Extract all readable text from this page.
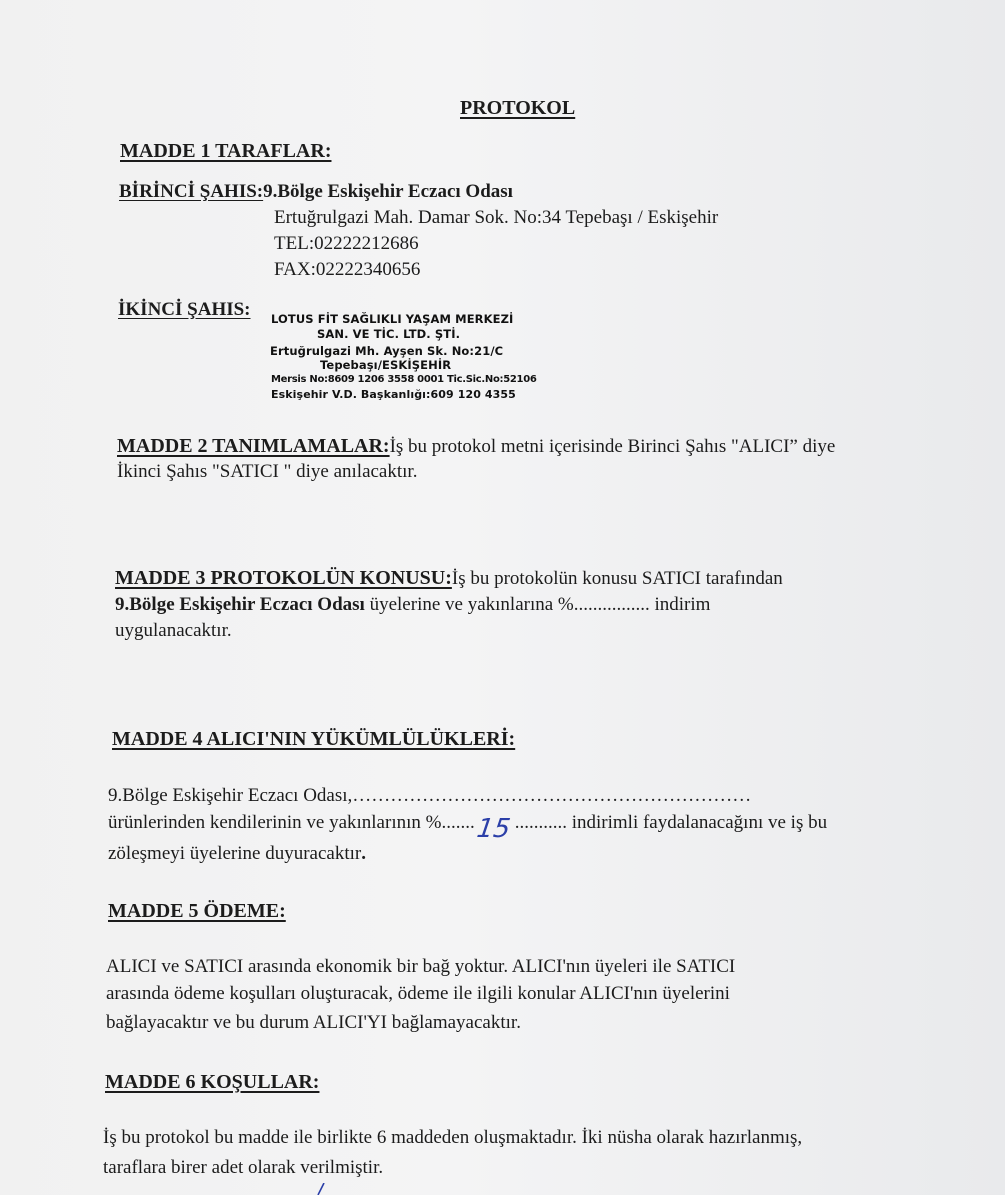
PROTOKOL
MADDE 1 TARAFLAR:
BİRİNCİ ŞAHIS:9.Bölge Eskişehir Eczacı Odası
Ertuğrulgazi Mah. Damar Sok. No:34 Tepebaşı / Eskişehir
TEL:02222212686
FAX:02222340656
İKİNCİ ŞAHIS: LOTUS FİT SAĞLIKLI YAŞAM MERKEZİ
SAN. VE TİC. LTD. ŞTİ.
Ertuğrulgazi Mh. Ayşen Sk. No:21/C
Tepebaşı/ESKİŞEHİR
Mersis No:8609 1206 3558 0001 Tic.Sic.No:52106
Eskişehir V.D. Başkanlığı:609 120 4355
MADDE 2 TANIMLAMALAR:İş bu protokol metni içerisinde Birinci Şahıs "ALICI” diye
İkinci Şahıs "SATICI " diye anılacaktır.
MADDE 3 PROTOKOLÜN KONUSU:İş bu protokolün konusu SATICI tarafından
9.Bölge Eskişehir Eczacı Odası üyelerine ve yakınlarına %................ indirim
uygulanacaktır.
MADDE 4 ALICI'NIN YÜKÜMLÜLÜKLERİ:
9.Bölge Eskişehir Eczacı Odası,………………………………………………………
ürünlerinden kendilerinin ve yakınlarının %....... 15 ........... indirimli faydalanacağını ve iş bu
zöleşmeyi üyelerine duyuracaktır.
MADDE 5 ÖDEME:
ALICI ve SATICI arasında ekonomik bir bağ yoktur. ALICI'nın üyeleri ile SATICI
arasında ödeme koşulları oluşturacak, ödeme ile ilgili konular ALICI'nın üyelerini
bağlayacaktır ve bu durum ALICI'YI bağlamayacaktır.
MADDE 6 KOŞULLAR:
İş bu protokol bu madde ile birlikte 6 maddeden oluşmaktadır. İki nüsha olarak hazırlanmış,
taraflara birer adet olarak verilmiştir.
